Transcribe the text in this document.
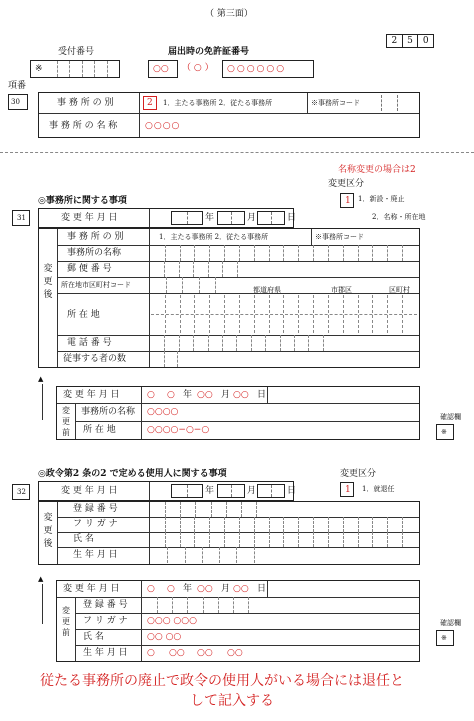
（ 第三面）
2	5	0
受付番号
※
届出時の免許証番号
○○ （ ○ ） ○○○○○○
項番
30	事 務 所 の 別	2 1．主たる事務所 2．従たる事務所	※事務所コード
事 務 所 の 名 称	○○○○
名称変更の場合は2
変更区分
1 1．新設・廃止
2．名称・所在地
◎事務所に関する事項
31	変 更 年 月 日	年	月	日
変更後
事 務 所 の 別	1．主たる事務所 2．従たる事務所	※事務所コード
事務所の名称
郵 便 番 号
所在地市区町村コード
都道府県	市郡区	区町村
所 在 地
電 話 番 号
従事する者の数
▲
変更前
変 更 年 月 日	○ ○ 年 ○○ 月 ○○ 日
事務所の名称 ○○○○
所 在 地	○○○○−○−○
確認欄
※
◎政令第2 条の2 で定める使用人に関する事項	変更区分
1 1．就退任
32	変 更 年 月 日	年	月	日
変更後
登 録 番 号
フ リ ガ ナ
氏 名
生 年 月 日
▲
変更前
変 更 年 月 日	○ ○ 年 ○○ 月 ○○ 日
登 録 番 号
フ リ ガ ナ ○○○ ○○○
氏 名	○○ ○○
生 年 月 日 ○ ○○ ○○ ○○
確認欄
※
従たる事務所の廃止で政令の使用人がいる場合には退任と
して記入する
